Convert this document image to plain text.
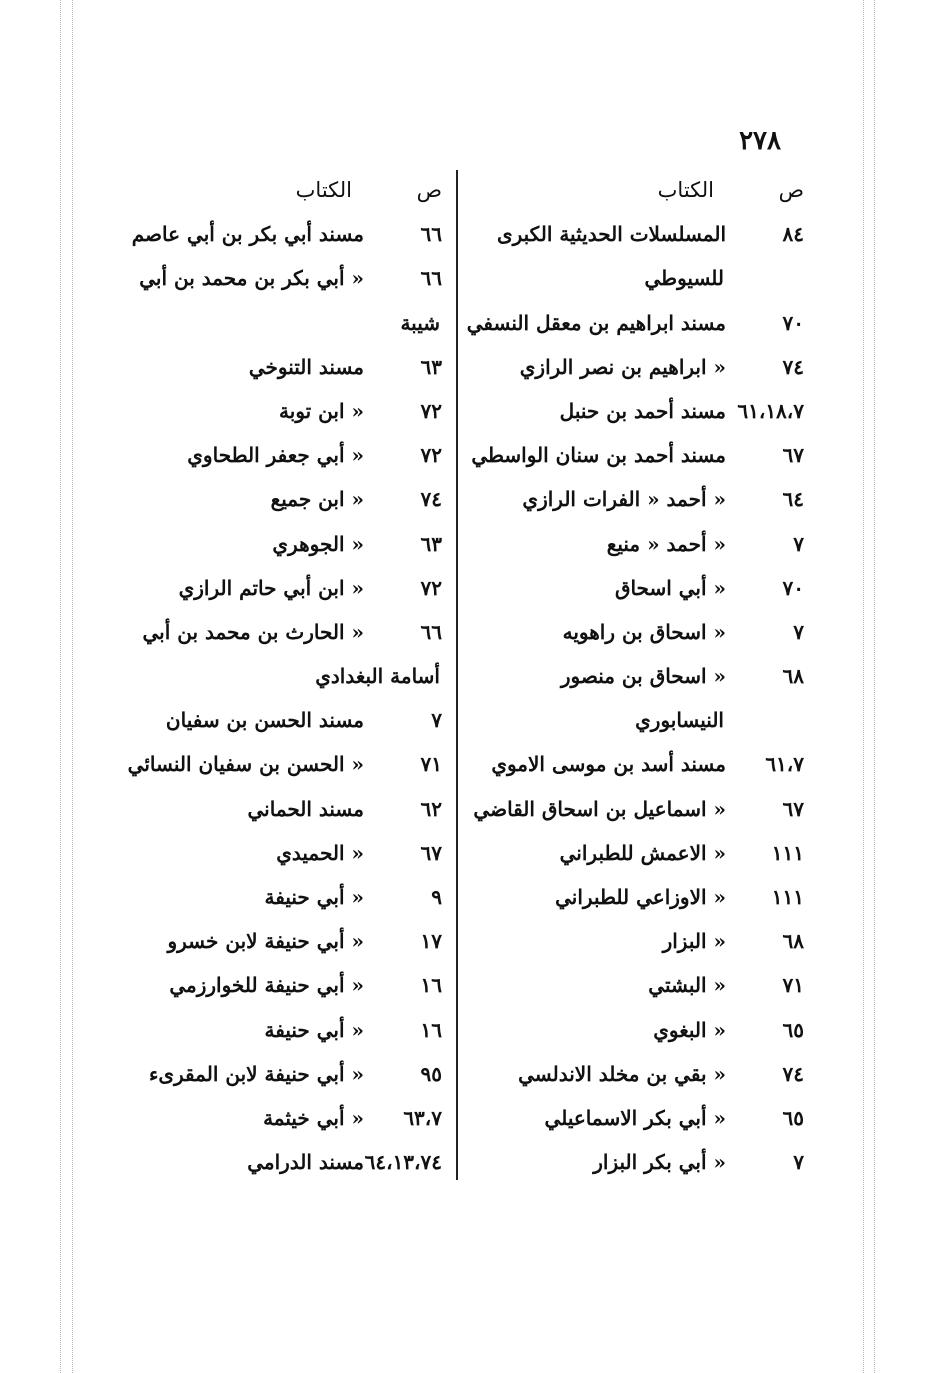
٢٧٨
ص
الكتاب
٨٤
المسلسلات الحديثية الكبرى
للسيوطي
٧٠
مسند ابراهيم بن معقل النسفي
٧٤
« ابراهيم بن نصر الرازي
٦١،١٨،٧
مسند أحمد بن حنبل
٦٧
مسند أحمد بن سنان الواسطي
٦٤
« أحمد « الفرات الرازي
٧
« أحمد « منيع
٧٠
« أبي اسحاق
٧
« اسحاق بن راهويه
٦٨
« اسحاق بن منصور
النيسابوري
٦١،٧
مسند أسد بن موسى الاموي
٦٧
« اسماعيل بن اسحاق القاضي
١١١
« الاعمش للطبراني
١١١
« الاوزاعي للطبراني
٦٨
« البزار
٧١
« البشتي
٦٥
« البغوي
٧٤
« بقي بن مخلد الاندلسي
٦٥
« أبي بكر الاسماعيلي
٧
« أبي بكر البزار
ص
الكتاب
٦٦
مسند أبي بكر بن أبي عاصم
٦٦
« أبي بكر بن محمد بن أبي
شيبة
٦٣
مسند التنوخي
٧٢
« ابن توبة
٧٢
« أبي جعفر الطحاوي
٧٤
« ابن جميع
٦٣
« الجوهري
٧٢
« ابن أبي حاتم الرازي
٦٦
« الحارث بن محمد بن أبي
أسامة البغدادي
٧
مسند الحسن بن سفيان
٧١
« الحسن بن سفيان النسائي
٦٢
مسند الحماني
٦٧
« الحميدي
٩
« أبي حنيفة
١٧
« أبي حنيفة لابن خسرو
١٦
« أبي حنيفة للخوارزمي
١٦
« أبي حنيفة
٩٥
« أبي حنيفة لابن المقرىء
٦٣،٧
« أبي خيثمة
٦٤،١٣،٧٤
مسند الدرامي
